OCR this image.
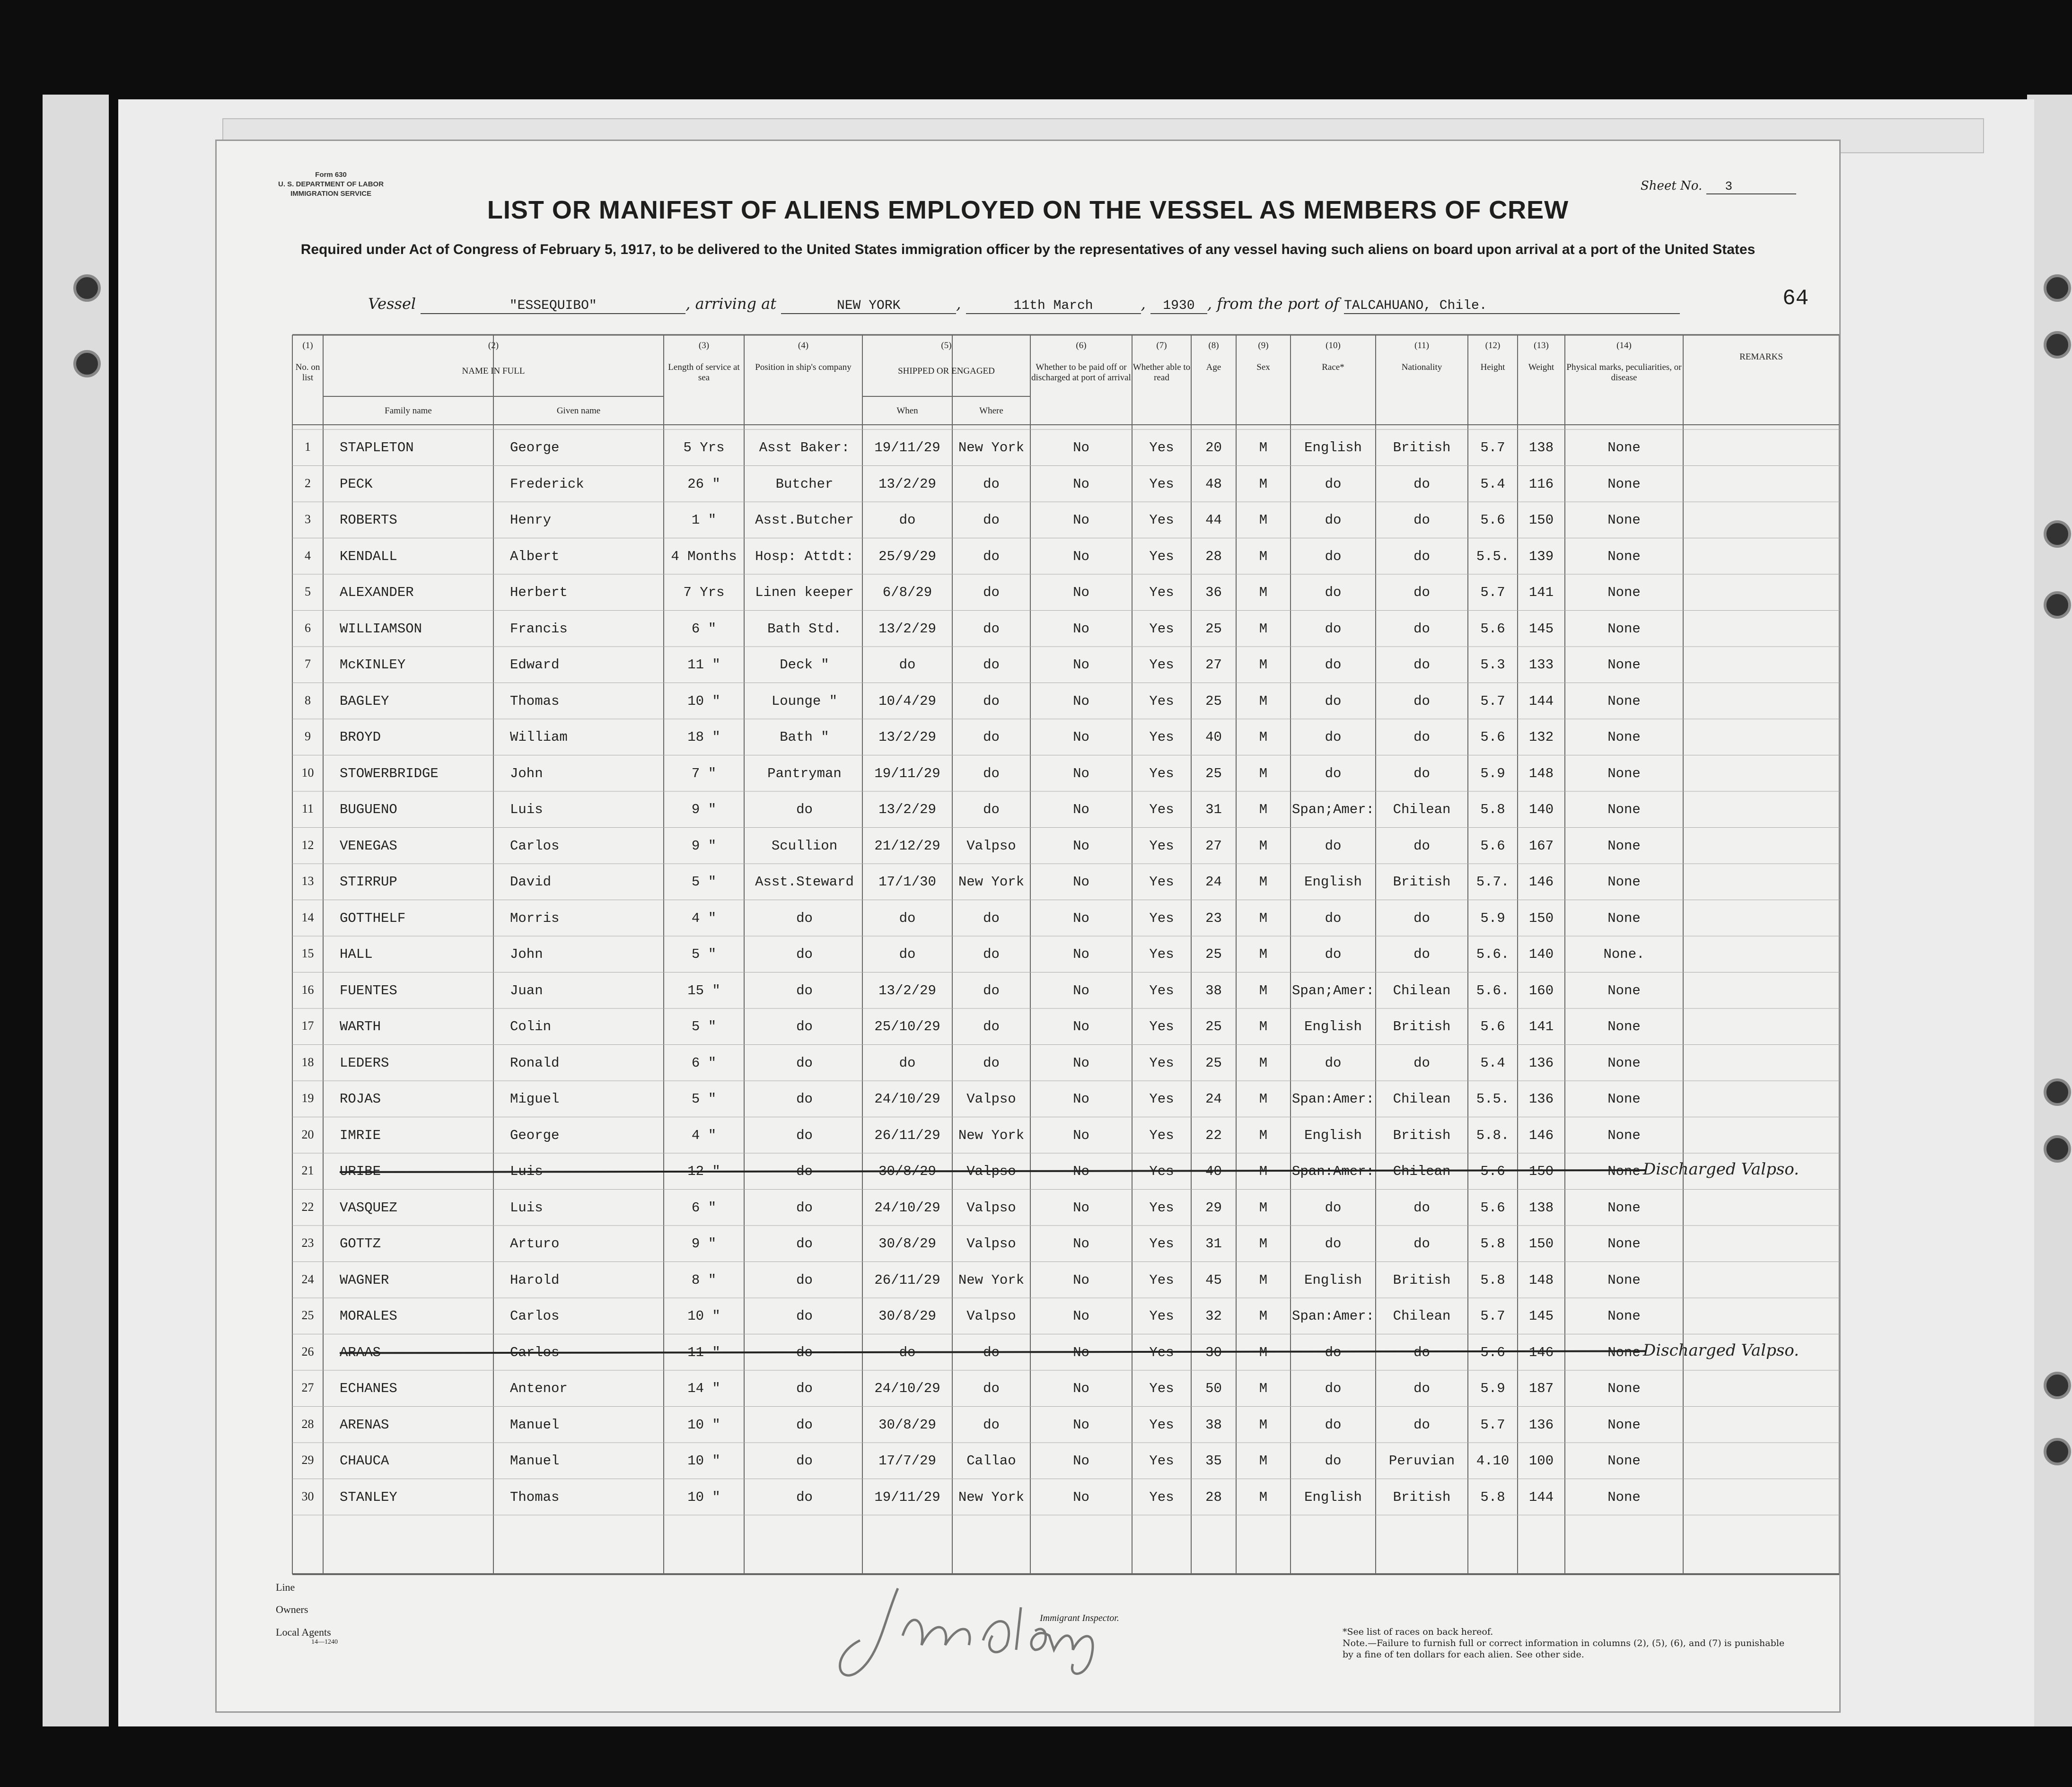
Form 630
U. S. DEPARTMENT OF LABOR
IMMIGRATION SERVICE
Sheet No. 3
LIST OR MANIFEST OF ALIENS EMPLOYED ON THE VESSEL AS MEMBERS OF CREW
Required under Act of Congress of February 5, 1917, to be delivered to the United States immigration officer by the representatives of any vessel having such aliens on board upon arrival at a port of the United States
Vessel	"ESSEQUIBO"	, arriving at	NEW YORK	,	11th March	, 1930 , from the port of TALCAHUANO, Chile.	64
(1)
No. on list
(2)
NAME IN FULL
Family name	Given name
(3)
Length of service at sea
(4)
Position in ship's company
(5)
SHIPPED OR ENGAGED
When	Where
(6)
Whether to be paid off or discharged at port of arrival
(7)
Whether able to read
(8)
Age
(9)
Sex
(10)
Race*
(11)
Nationality
(12)
Height
(13)
Weight
(14)
Physical marks, peculiarities, or disease
REMARKS
1	STAPLETON	George	5 Yrs	Asst Baker:	19/11/29	New York	No	Yes	20	M	English	British	5.7	138	None
2	PECK	Frederick	26 "	Butcher	13/2/29	do	No	Yes	48	M	do	do	5.4	116	None
3	ROBERTS	Henry	1 "	Asst.Butcher	do	do	No	Yes	44	M	do	do	5.6	150	None
4	KENDALL	Albert	4 Months	Hosp: Attdt:	25/9/29	do	No	Yes	28	M	do	do	5.5.	139	None
5	ALEXANDER	Herbert	7 Yrs	Linen keeper	6/8/29	do	No	Yes	36	M	do	do	5.7	141	None
6	WILLIAMSON	Francis	6 "	Bath Std.	13/2/29	do	No	Yes	25	M	do	do	5.6	145	None
7	McKINLEY	Edward	11 "	Deck "	do	do	No	Yes	27	M	do	do	5.3	133	None
8	BAGLEY	Thomas	10 "	Lounge "	10/4/29	do	No	Yes	25	M	do	do	5.7	144	None
9	BROYD	William	18 "	Bath "	13/2/29	do	No	Yes	40	M	do	do	5.6	132	None
10	STOWERBRIDGE	John	7 "	Pantryman	19/11/29	do	No	Yes	25	M	do	do	5.9	148	None
11	BUGUENO	Luis	9 "	do	13/2/29	do	No	Yes	31	M	Span;Amer:	Chilean	5.8	140	None
12	VENEGAS	Carlos	9 "	Scullion	21/12/29	Valpso	No	Yes	27	M	do	do	5.6	167	None
13	STIRRUP	David	5 "	Asst.Steward	17/1/30	New York	No	Yes	24	M	English	British	5.7.	146	None
14	GOTTHELF	Morris	4 "	do	do	do	No	Yes	23	M	do	do	5.9	150	None
15	HALL	John	5 "	do	do	do	No	Yes	25	M	do	do	5.6.	140	None.
16	FUENTES	Juan	15 "	do	13/2/29	do	No	Yes	38	M	Span;Amer:	Chilean	5.6.	160	None
17	WARTH	Colin	5 "	do	25/10/29	do	No	Yes	25	M	English	British	5.6	141	None
18	LEDERS	Ronald	6 "	do	do	do	No	Yes	25	M	do	do	5.4	136	None
19	ROJAS	Miguel	5 "	do	24/10/29	Valpso	No	Yes	24	M	Span:Amer:	Chilean	5.5.	136	None
20	IMRIE	George	4 "	do	26/11/29	New York	No	Yes	22	M	English	British	5.8.	146	None
21	URIBE	Luis	12 "	do	30/8/29	Valpso	No	Yes	40	M	Span:Amer:	Chilean	5.6	150	None Discharged Valpso.
22	VASQUEZ	Luis	6 "	do	24/10/29	Valpso	No	Yes	29	M	do	do	5.6	138	None
23	GOTTZ	Arturo	9 "	do	30/8/29	Valpso	No	Yes	31	M	do	do	5.8	150	None
24	WAGNER	Harold	8 "	do	26/11/29	New York	No	Yes	45	M	English	British	5.8	148	None
25	MORALES	Carlos	10 "	do	30/8/29	Valpso	No	Yes	32	M	Span:Amer:	Chilean	5.7	145	None
26	ARAAS	Carlos	11 "	do	do	do	No	Yes	30	M	do	do	5.6	146	None Discharged Valpso.
27	ECHANES	Antenor	14 "	do	24/10/29	do	No	Yes	50	M	do	do	5.9	187	None
28	ARENAS	Manuel	10 "	do	30/8/29	do	No	Yes	38	M	do	do	5.7	136	None
29	CHAUCA	Manuel	10 "	do	17/7/29	Callao	No	Yes	35	M	do	Peruvian	4.10	100	None
30	STANLEY	Thomas	10 "	do	19/11/29	New York	No	Yes	28	M	English	British	5.8	144	None
Line
Owners
Local Agents
14—1240
Immigrant Inspector.
*See list of races on back hereof.
Note.—Failure to furnish full or correct information in columns (2), (5), (6), and (7) is punishable by a fine of ten dollars for each alien. See other side.
